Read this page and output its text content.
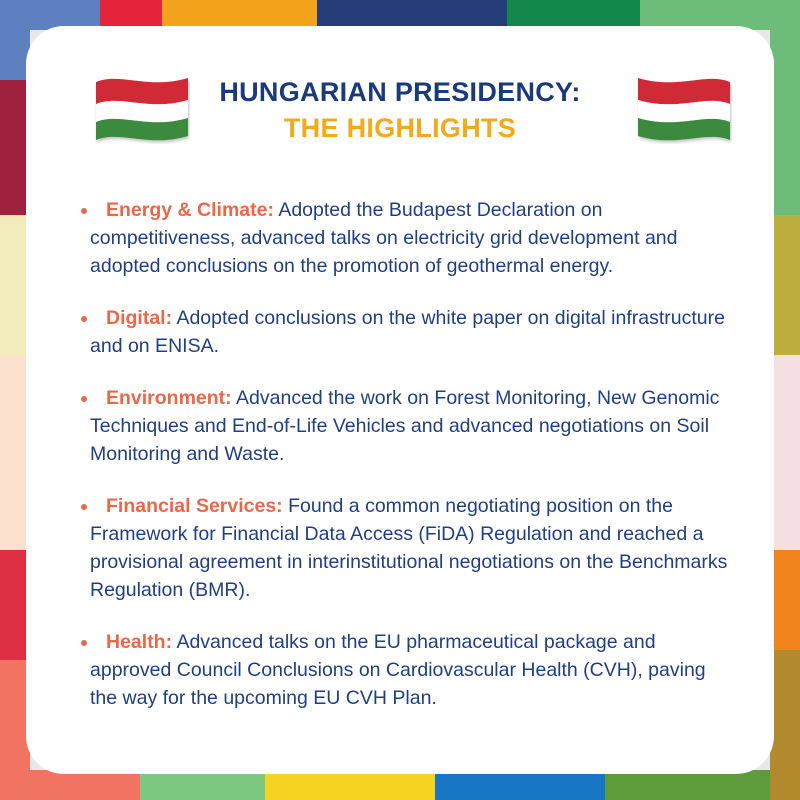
HUNGARIAN PRESIDENCY:
THE HIGHLIGHTS
Energy & Climate: Adopted the Budapest Declaration on competitiveness, advanced talks on electricity grid development and adopted conclusions on the promotion of geothermal energy.
Digital: Adopted conclusions on the white paper on digital infrastructure and on ENISA.
Environment: Advanced the work on Forest Monitoring, New Genomic Techniques and End-of-Life Vehicles and advanced negotiations on Soil Monitoring and Waste.
Financial Services: Found a common negotiating position on the Framework for Financial Data Access (FiDA) Regulation and reached a provisional agreement in interinstitutional negotiations on the Benchmarks Regulation (BMR).
Health: Advanced talks on the EU pharmaceutical package and approved Council Conclusions on Cardiovascular Health (CVH), paving the way for the upcoming EU CVH Plan.
